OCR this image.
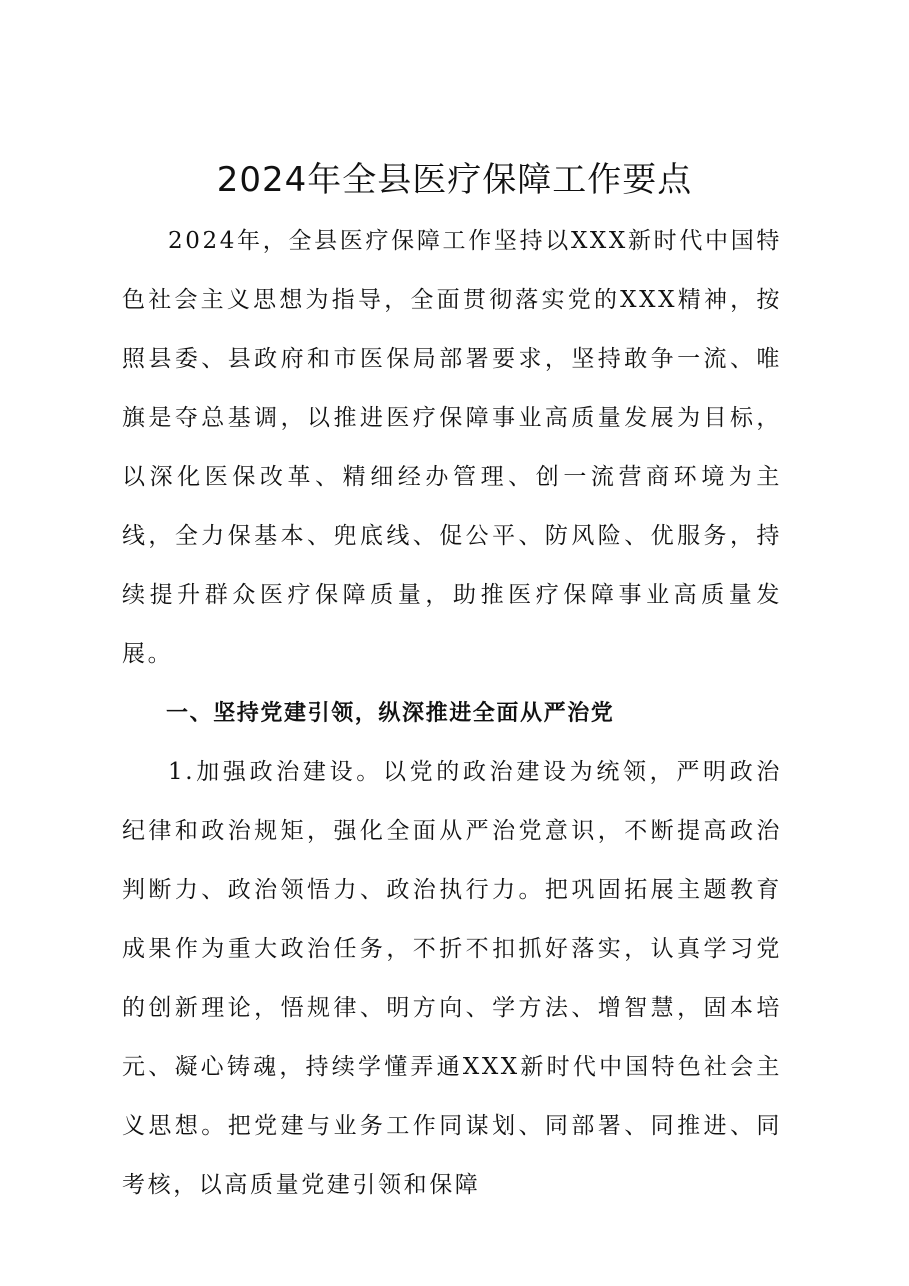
2024年全县医疗保障工作要点

2024年，全县医疗保障工作坚持以XXX新时代中国特色社会主义思想为指导，全面贯彻落实党的XXX精神，按照县委、县政府和市医保局部署要求，坚持敢争一流、唯旗是夺总基调，以推进医疗保障事业高质量发展为目标，以深化医保改革、精细经办管理、创一流营商环境为主线，全力保基本、兜底线、促公平、防风险、优服务，持续提升群众医疗保障质量，助推医疗保障事业高质量发展。

一、坚持党建引领，纵深推进全面从严治党

1.加强政治建设。以党的政治建设为统领，严明政治纪律和政治规矩，强化全面从严治党意识，不断提高政治判断力、政治领悟力、政治执行力。把巩固拓展主题教育成果作为重大政治任务，不折不扣抓好落实，认真学习党的创新理论，悟规律、明方向、学方法、增智慧，固本培元、凝心铸魂，持续学懂弄通XXX新时代中国特色社会主义思想。把党建与业务工作同谋划、同部署、同推进、同考核，以高质量党建引领和保障
